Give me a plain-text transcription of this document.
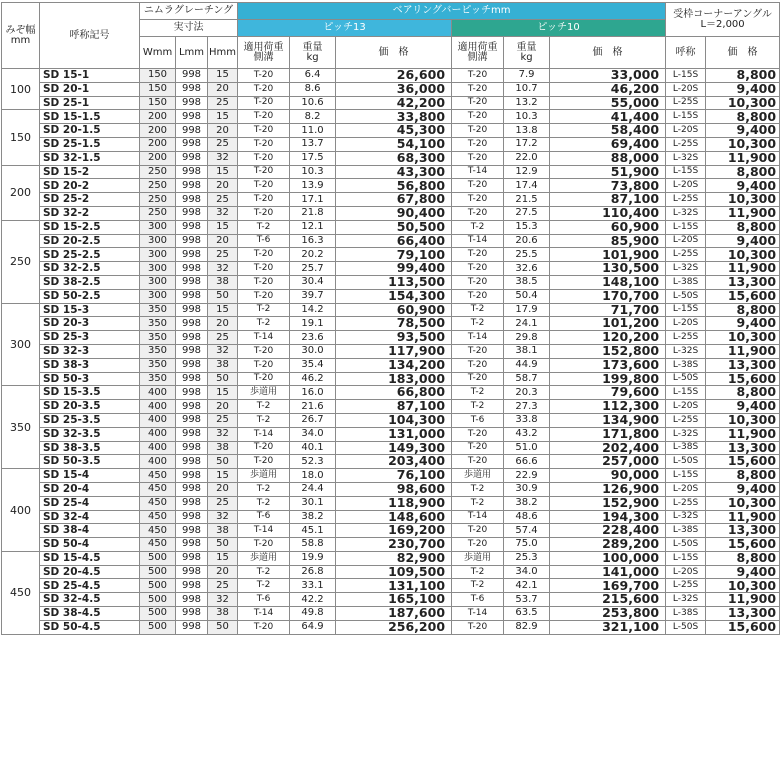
みぞ幅
mm	呼称記号	ニムラグレーチング			ベアリングバーピッチmm						受枠コーナーアングル
L＝2,000	
		実寸法			ピッチ13			ピッチ10				
		Wmm	Lmm	Hmm	適用荷重
側溝	重量
kg	価　格	適用荷重
側溝	重量
kg	価　格	呼称	価　格
100	SD 15-1	150	998	15	T-20	6.4	26,600	T-20	7.9	33,000	L-15S	8,800
	SD 20-1	150	998	20	T-20	8.6	36,000	T-20	10.7	46,200	L-20S	9,400
	SD 25-1	150	998	25	T-20	10.6	42,200	T-20	13.2	55,000	L-25S	10,300
150	SD 15-1.5	200	998	15	T-20	8.2	33,800	T-20	10.3	41,400	L-15S	8,800
	SD 20-1.5	200	998	20	T-20	11.0	45,300	T-20	13.8	58,400	L-20S	9,400
	SD 25-1.5	200	998	25	T-20	13.7	54,100	T-20	17.2	69,400	L-25S	10,300
	SD 32-1.5	200	998	32	T-20	17.5	68,300	T-20	22.0	88,000	L-32S	11,900
200	SD 15-2	250	998	15	T-20	10.3	43,300	T-14	12.9	51,900	L-15S	8,800
	SD 20-2	250	998	20	T-20	13.9	56,800	T-20	17.4	73,800	L-20S	9,400
	SD 25-2	250	998	25	T-20	17.1	67,800	T-20	21.5	87,100	L-25S	10,300
	SD 32-2	250	998	32	T-20	21.8	90,400	T-20	27.5	110,400	L-32S	11,900
250	SD 15-2.5	300	998	15	T-2	12.1	50,500	T-2	15.3	60,900	L-15S	8,800
	SD 20-2.5	300	998	20	T-6	16.3	66,400	T-14	20.6	85,900	L-20S	9,400
	SD 25-2.5	300	998	25	T-20	20.2	79,100	T-20	25.5	101,900	L-25S	10,300
	SD 32-2.5	300	998	32	T-20	25.7	99,400	T-20	32.6	130,500	L-32S	11,900
	SD 38-2.5	300	998	38	T-20	30.4	113,500	T-20	38.5	148,100	L-38S	13,300
	SD 50-2.5	300	998	50	T-20	39.7	154,300	T-20	50.4	170,700	L-50S	15,600
300	SD 15-3	350	998	15	T-2	14.2	60,900	T-2	17.9	71,700	L-15S	8,800
	SD 20-3	350	998	20	T-2	19.1	78,500	T-2	24.1	101,200	L-20S	9,400
	SD 25-3	350	998	25	T-14	23.6	93,500	T-14	29.8	120,200	L-25S	10,300
	SD 32-3	350	998	32	T-20	30.0	117,900	T-20	38.1	152,800	L-32S	11,900
	SD 38-3	350	998	38	T-20	35.4	134,200	T-20	44.9	173,600	L-38S	13,300
	SD 50-3	350	998	50	T-20	46.2	183,000	T-20	58.7	199,800	L-50S	15,600
350	SD 15-3.5	400	998	15	歩道用	16.0	66,800	T-2	20.3	79,600	L-15S	8,800
	SD 20-3.5	400	998	20	T-2	21.6	87,100	T-2	27.3	112,300	L-20S	9,400
	SD 25-3.5	400	998	25	T-2	26.7	104,300	T-6	33.8	134,900	L-25S	10,300
	SD 32-3.5	400	998	32	T-14	34.0	131,000	T-20	43.2	171,800	L-32S	11,900
	SD 38-3.5	400	998	38	T-20	40.1	149,300	T-20	51.0	202,400	L-38S	13,300
	SD 50-3.5	400	998	50	T-20	52.3	203,400	T-20	66.6	257,000	L-50S	15,600
400	SD 15-4	450	998	15	歩道用	18.0	76,100	歩道用	22.9	90,000	L-15S	8,800
	SD 20-4	450	998	20	T-2	24.4	98,600	T-2	30.9	126,900	L-20S	9,400
	SD 25-4	450	998	25	T-2	30.1	118,900	T-2	38.2	152,900	L-25S	10,300
	SD 32-4	450	998	32	T-6	38.2	148,600	T-14	48.6	194,300	L-32S	11,900
	SD 38-4	450	998	38	T-14	45.1	169,200	T-20	57.4	228,400	L-38S	13,300
	SD 50-4	450	998	50	T-20	58.8	230,700	T-20	75.0	289,200	L-50S	15,600
450	SD 15-4.5	500	998	15	歩道用	19.9	82,900	歩道用	25.3	100,000	L-15S	8,800
	SD 20-4.5	500	998	20	T-2	26.8	109,500	T-2	34.0	141,000	L-20S	9,400
	SD 25-4.5	500	998	25	T-2	33.1	131,100	T-2	42.1	169,700	L-25S	10,300
	SD 32-4.5	500	998	32	T-6	42.2	165,100	T-6	53.7	215,600	L-32S	11,900
	SD 38-4.5	500	998	38	T-14	49.8	187,600	T-14	63.5	253,800	L-38S	13,300
	SD 50-4.5	500	998	50	T-20	64.9	256,200	T-20	82.9	321,100	L-50S	15,600
